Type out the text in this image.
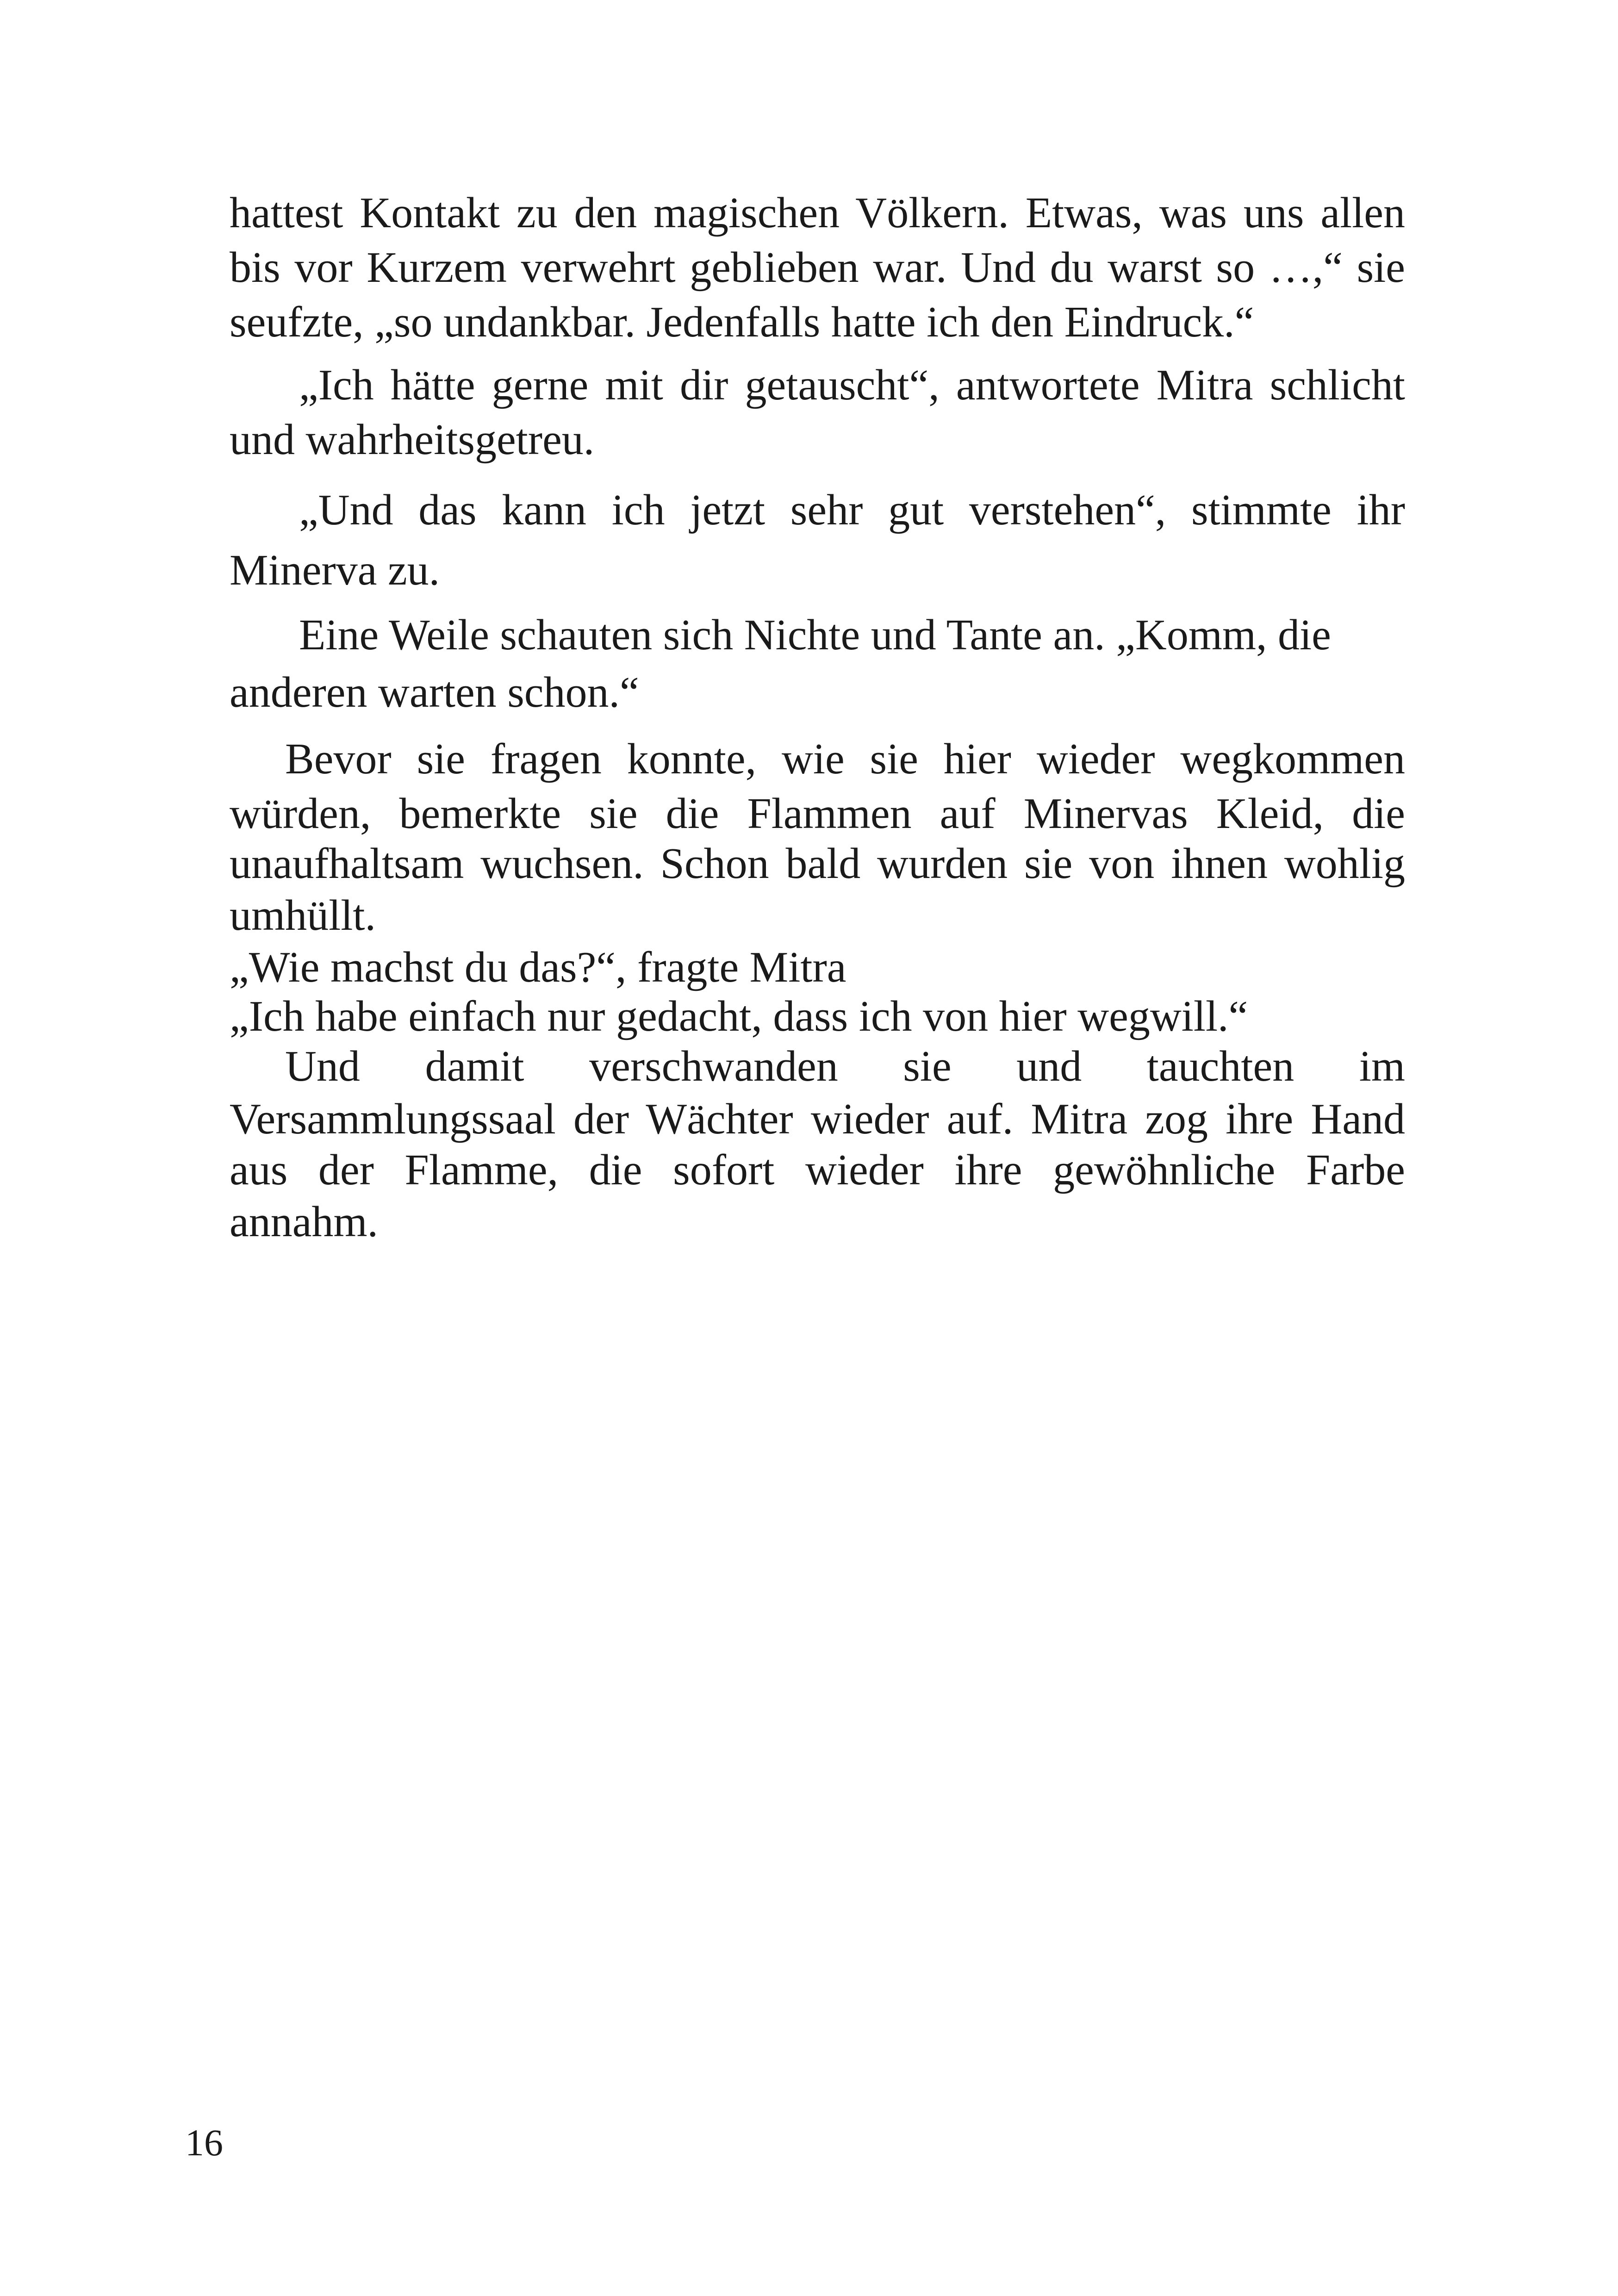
hattest Kontakt zu den magischen Völkern. Etwas, was uns allen
bis vor Kurzem verwehrt geblieben war. Und du warst so …,“ sie
seufzte, „so undankbar. Jedenfalls hatte ich den Eindruck.“
„Ich hätte gerne mit dir getauscht“, antwortete Mitra schlicht
und wahrheitsgetreu.
„Und das kann ich jetzt sehr gut verstehen“, stimmte ihr
Minerva zu.
Eine Weile schauten sich Nichte und Tante an. „Komm, die
anderen warten schon.“
Bevor sie fragen konnte, wie sie hier wieder wegkommen
würden, bemerkte sie die Flammen auf Minervas Kleid, die
unaufhaltsam wuchsen. Schon bald wurden sie von ihnen wohlig
umhüllt.
„Wie machst du das?“, fragte Mitra
„Ich habe einfach nur gedacht, dass ich von hier wegwill.“
Und damit verschwanden sie und tauchten im
Versammlungssaal der Wächter wieder auf. Mitra zog ihre Hand
aus der Flamme, die sofort wieder ihre gewöhnliche Farbe
annahm.
16
